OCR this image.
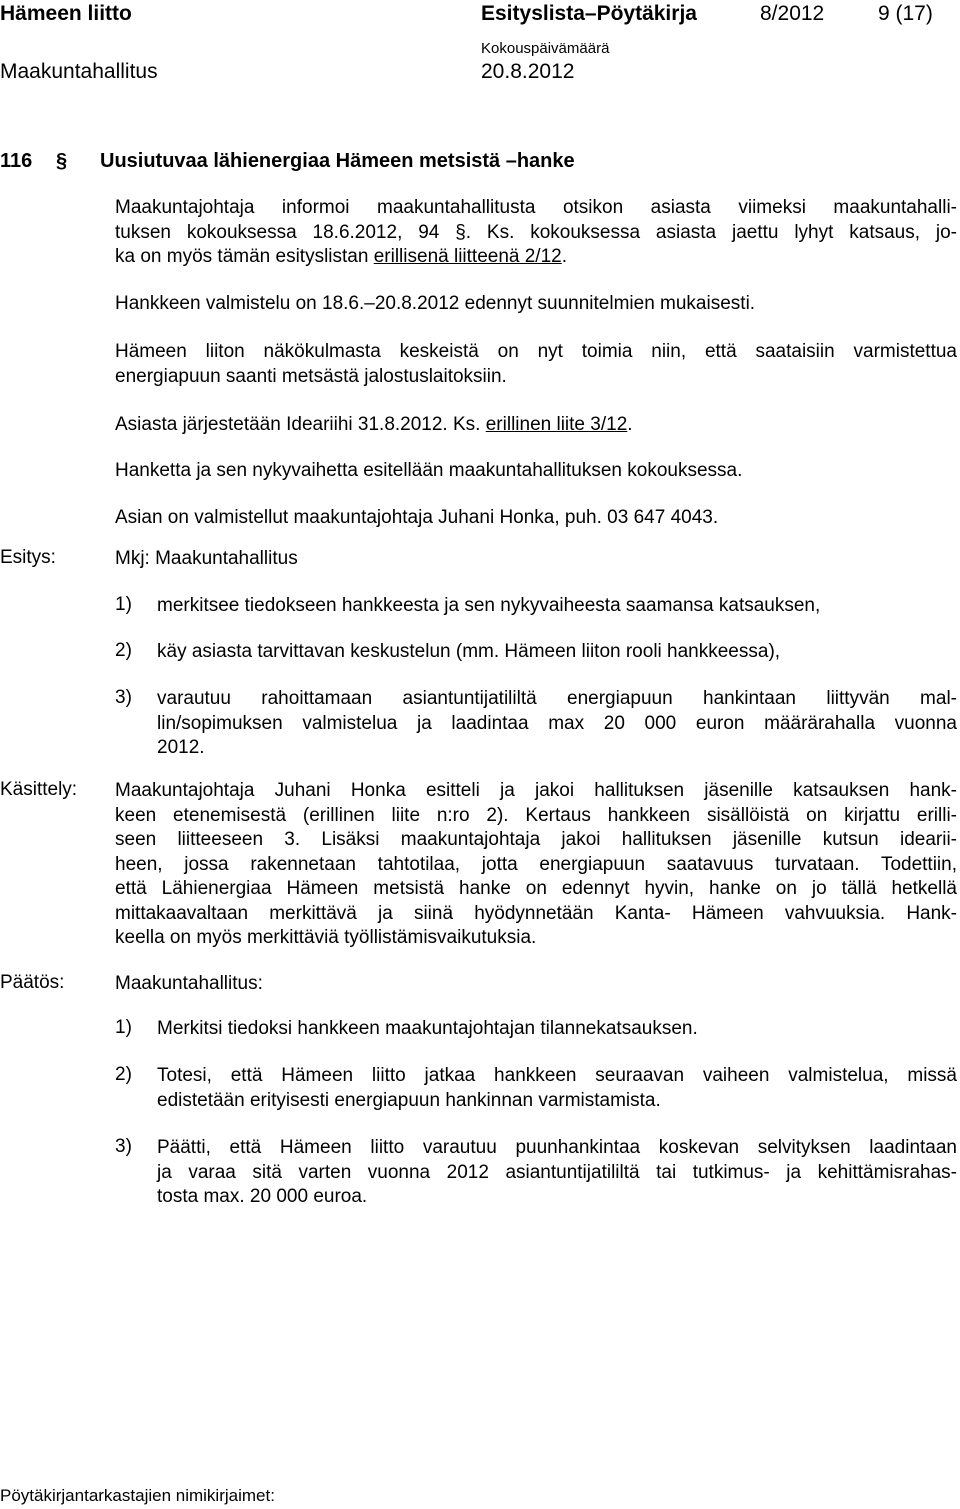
Hämeen liitto	Esityslista–Pöytäkirja	8/2012	9 (17)
Kokouspäivämäärä
Maakuntahallitus	20.8.2012
116 § Uusiutuvaa lähienergiaa Hämeen metsistä –hanke
Maakuntajohtaja informoi maakuntahallitusta otsikon asiasta viimeksi maakuntahalli-
tuksen kokouksessa 18.6.2012, 94 §. Ks. kokouksessa asiasta jaettu lyhyt katsaus, jo-
ka on myös tämän esityslistan erillisenä liitteenä 2/12.
Hankkeen valmistelu on 18.6.–20.8.2012 edennyt suunnitelmien mukaisesti.
Hämeen liiton näkökulmasta keskeistä on nyt toimia niin, että saataisiin varmistettua
energiapuun saanti metsästä jalostuslaitoksiin.
Asiasta järjestetään Ideariihi 31.8.2012. Ks. erillinen liite 3/12.
Hanketta ja sen nykyvaihetta esitellään maakuntahallituksen kokouksessa.
Asian on valmistellut maakuntajohtaja Juhani Honka, puh. 03 647 4043.
Esitys:	Mkj: Maakuntahallitus
1) merkitsee tiedokseen hankkeesta ja sen nykyvaiheesta saamansa katsauksen,
2) käy asiasta tarvittavan keskustelun (mm. Hämeen liiton rooli hankkeessa),
3) varautuu rahoittamaan asiantuntijatililtä energiapuun hankintaan liittyvän mal-
lin/sopimuksen valmistelua ja laadintaa max 20 000 euron määrärahalla vuonna
2012.
Käsittely: Maakuntajohtaja Juhani Honka esitteli ja jakoi hallituksen jäsenille katsauksen hank-
keen etenemisestä (erillinen liite n:ro 2). Kertaus hankkeen sisällöistä on kirjattu erilli-
seen liitteeseen 3. Lisäksi maakuntajohtaja jakoi hallituksen jäsenille kutsun idearii-
heen, jossa rakennetaan tahtotilaa, jotta energiapuun saatavuus turvataan. Todettiin,
että Lähienergiaa Hämeen metsistä hanke on edennyt hyvin, hanke on jo tällä hetkellä
mittakaavaltaan merkittävä ja siinä hyödynnetään Kanta- Hämeen vahvuuksia. Hank-
keella on myös merkittäviä työllistämisvaikutuksia.
Päätös:	Maakuntahallitus:
1) Merkitsi tiedoksi hankkeen maakuntajohtajan tilannekatsauksen.
2) Totesi, että Hämeen liitto jatkaa hankkeen seuraavan vaiheen valmistelua, missä
edistetään erityisesti energiapuun hankinnan varmistamista.
3) Päätti, että Hämeen liitto varautuu puunhankintaa koskevan selvityksen laadintaan
ja varaa sitä varten vuonna 2012 asiantuntijatililtä tai tutkimus- ja kehittämisrahas-
tosta max. 20 000 euroa.
Pöytäkirjantarkastajien nimikirjaimet:
